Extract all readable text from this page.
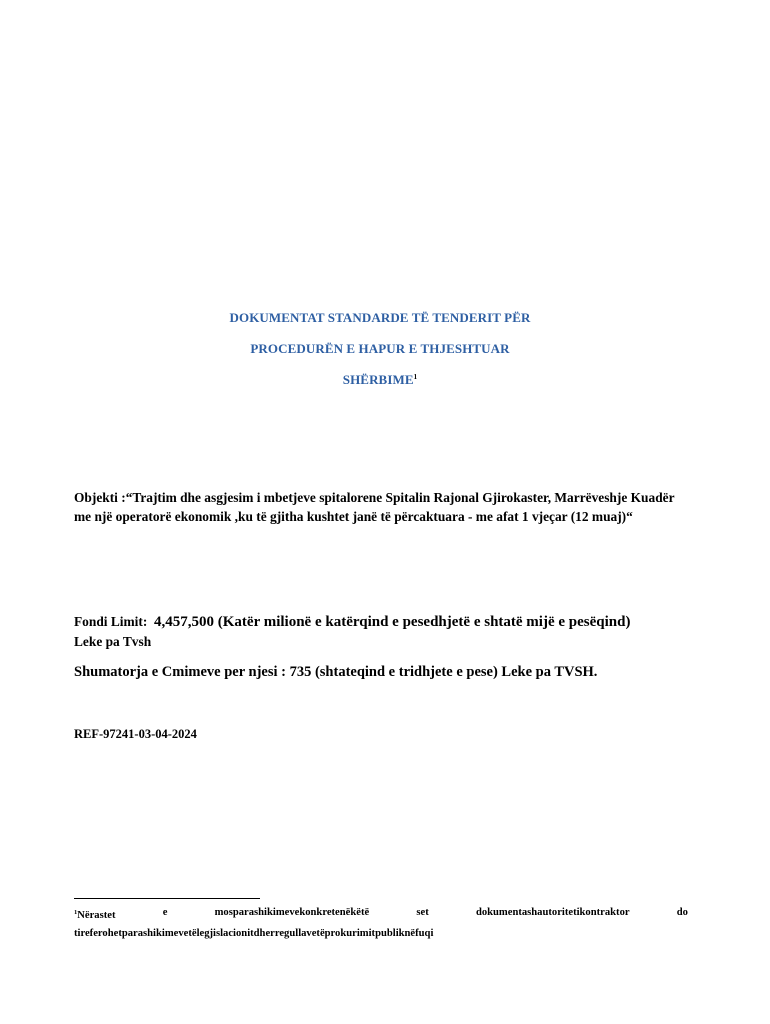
DOKUMENTAT STANDARDE TË TENDERIT PËR
PROCEDURËN E HAPUR E THJESHTUAR
SHËRBIME$^1$
Objekti :“Trajtim dhe asgjesim i mbetjeve spitalorene Spitalin Rajonal Gjirokaster, Marrëveshje Kuadër me një operatorë ekonomik ,ku të gjitha kushtet janë të përcaktuara - me afat 1 vjeçar (12 muaj)“
Fondi Limit: 4,457,500 (Katër milionë e katërqind e pesedhjetë e shtatë mijë e pesëqind)
Leke pa Tvsh
Shumatorja e Cmimeve per njesi : 735 (shtateqind e tridhjete e pese) Leke pa TVSH.
REF-97241-03-04-2024
$^1$Nërastet	e	mosparashikimevekonkretenëkëtë	set	dokumentashautoritetikontraktor	do
tireferohetparashikimevetëlegjislacionitdherregullavetëprokurimitpubliknëfuqi
